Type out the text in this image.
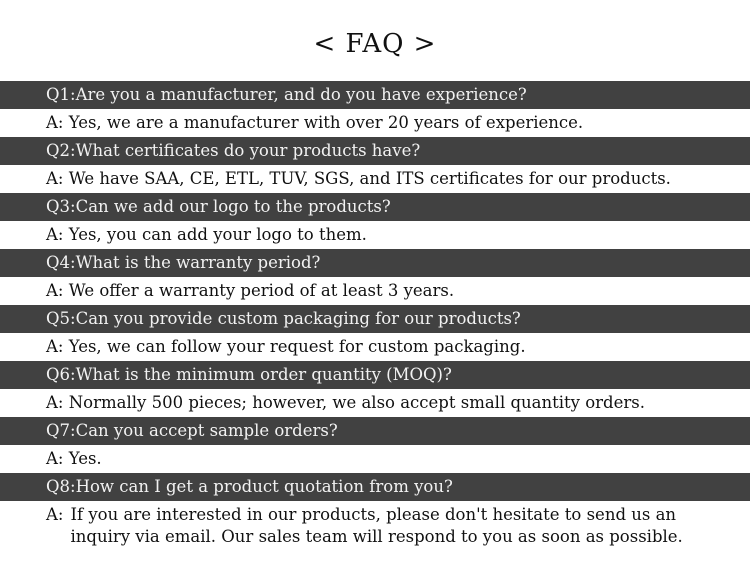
< FAQ >
Q1:Are you a manufacturer, and do you have experience?
A: Yes, we are a manufacturer with over 20 years of experience.
Q2:What certificates do your products have?
A: We have SAA, CE, ETL, TUV, SGS, and ITS certificates for our products.
Q3:Can we add our logo to the products?
A: Yes, you can add your logo to them.
Q4:What is the warranty period?
A: We offer a warranty period of at least 3 years.
Q5:Can you provide custom packaging for our products?
A: Yes, we can follow your request for custom packaging.
Q6:What is the minimum order quantity (MOQ)?
A: Normally 500 pieces; however, we also accept small quantity orders.
Q7:Can you accept sample orders?
A: Yes.
Q8:How can I get a product quotation from you?
A: If you are interested in our products, please don't hesitate to send us an inquiry via email. Our sales team will respond to you as soon as possible.
